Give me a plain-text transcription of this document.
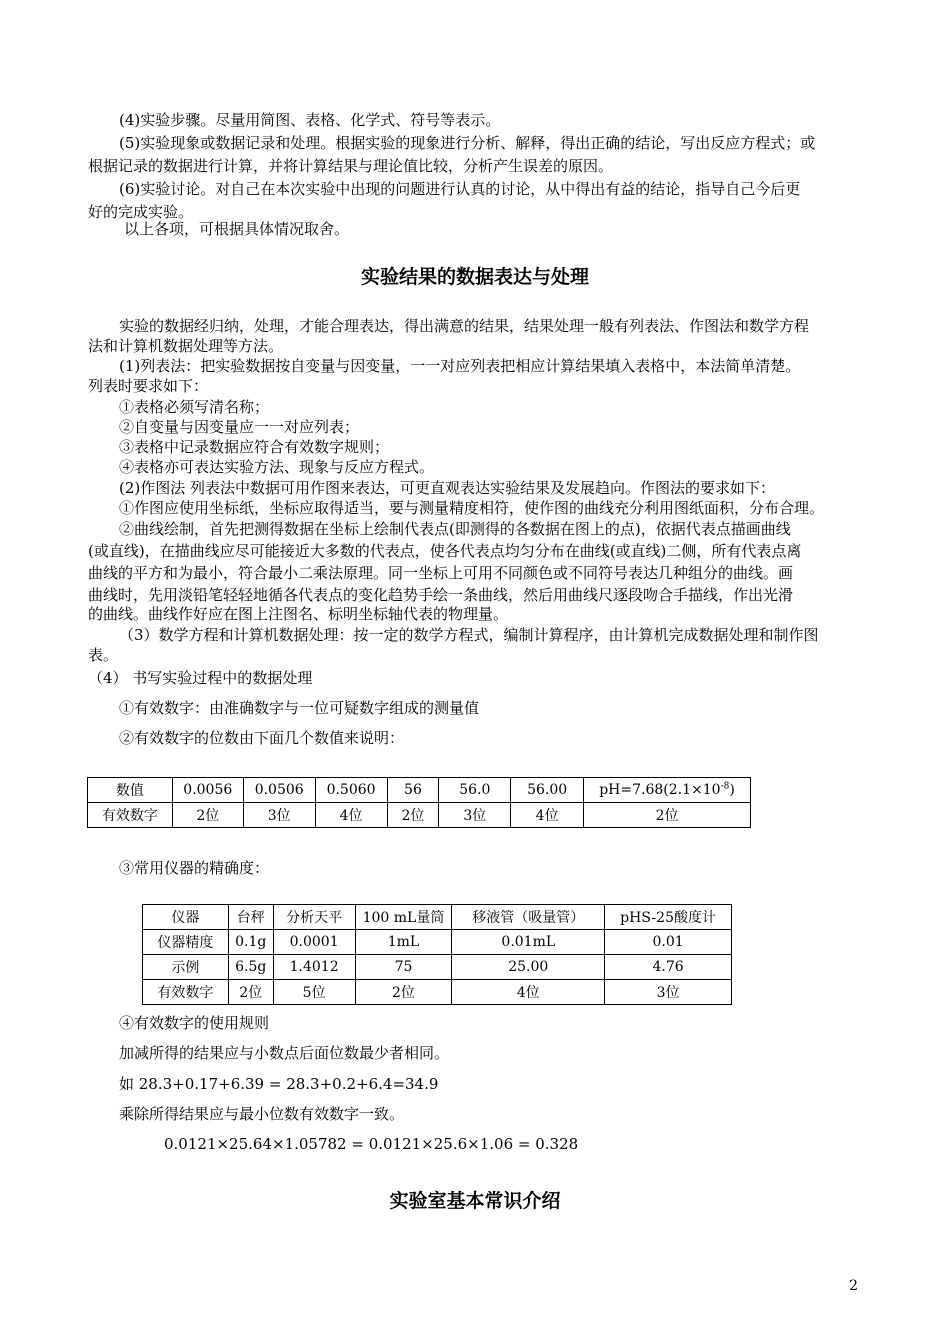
(4)实验步骤。尽量用简图、表格、化学式、符号等表示。
(5)实验现象或数据记录和处理。根据实验的现象进行分析、解释，得出正确的结论，写出反应方程式；或
根据记录的数据进行计算，并将计算结果与理论值比较，分析产生误差的原因。
(6)实验讨论。对自己在本次实验中出现的问题进行认真的讨论，从中得出有益的结论，指导自己今后更
好的完成实验。
以上各项，可根据具体情况取舍。
实验结果的数据表达与处理
实验的数据经归纳，处理，才能合理表达，得出满意的结果，结果处理一般有列表法、作图法和数学方程
法和计算机数据处理等方法。
(1)列表法：把实验数据按自变量与因变量，一一对应列表把相应计算结果填入表格中，本法简单清楚。
列表时要求如下：
①表格必须写清名称；
②自变量与因变量应一一对应列表；
③表格中记录数据应符合有效数字规则；
④表格亦可表达实验方法、现象与反应方程式。
(2)作图法 列表法中数据可用作图来表达，可更直观表达实验结果及发展趋向。作图法的要求如下：
①作图应使用坐标纸，坐标应取得适当，要与测量精度相符，使作图的曲线充分利用图纸面积，分布合理。
②曲线绘制，首先把测得数据在坐标上绘制代表点(即测得的各数据在图上的点)，依据代表点描画曲线
(或直线)，在描曲线应尽可能接近大多数的代表点，使各代表点均匀分布在曲线(或直线)二侧，所有代表点离
曲线的平方和为最小，符合最小二乘法原理。同一坐标上可用不同颜色或不同符号表达几种组分的曲线。画
曲线时，先用淡铅笔轻轻地循各代表点的变化趋势手绘一条曲线，然后用曲线尺逐段吻合手描线，作出光滑
的曲线。曲线作好应在图上注图名、标明坐标轴代表的物理量。
（3）数学方程和计算机数据处理：按一定的数学方程式，编制计算程序，由计算机完成数据处理和制作图
表。
（4） 书写实验过程中的数据处理
①有效数字：由准确数字与一位可疑数字组成的测量值
②有效数字的位数由下面几个数值来说明：
数值	0.0056	0.0506	0.5060	56	56.0	56.00	$pH=7.68(2.1\times 10^{-8})$
有效数字	2位	3位	4位	2位	3位	4位	2位
③常用仪器的精确度：
仪器	台秤	分析天平	100 mL量筒	移液管（吸量管）	pHS-25酸度计
仪器精度	0.1g	0.0001	1mL	0.01mL	0.01
示例	6.5g	1.4012	75	25.00	4.76
有效数字	2位	5位	2位	4位	3位
④有效数字的使用规则
加减所得的结果应与小数点后面位数最少者相同。
如 28.3+0.17+6.39 = 28.3+0.2+6.4=34.9
乘除所得结果应与最小位数有效数字一致。
0.0121×25.64×1.05782 = 0.0121×25.6×1.06 = 0.328
实验室基本常识介绍
2
